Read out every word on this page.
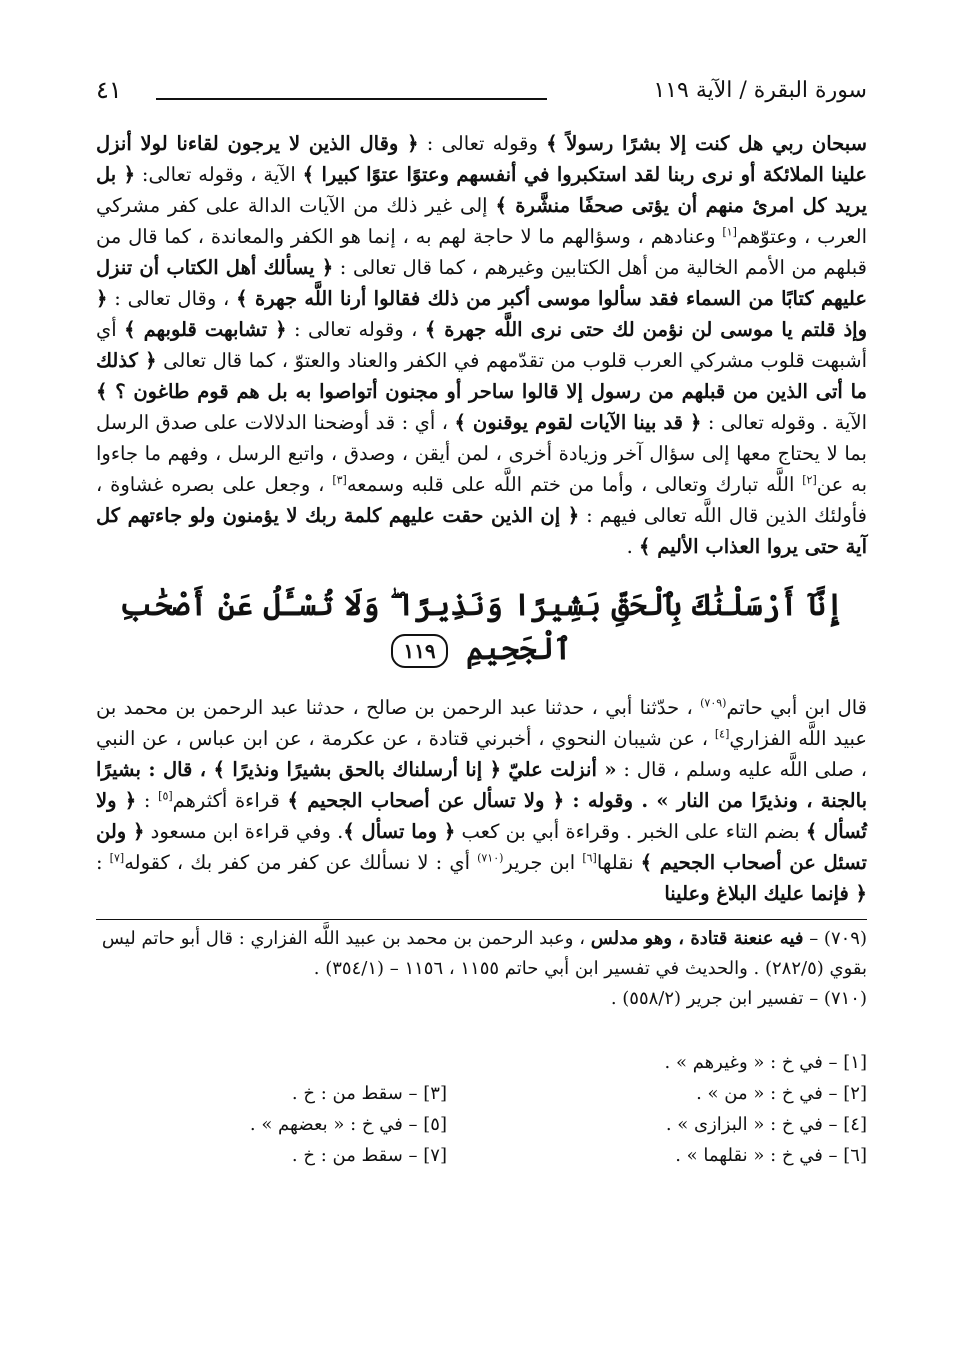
سورة البقرة / الآية ١١٩
٤١

سبحان ربي هل كنت إلا بشرًا رسولاً ﴾ وقوله تعالى : ﴿ وقال الذين لا يرجون لقاءنا لولا أنزل علينا الملائكة أو نرى ربنا لقد استكبروا في أنفسهم وعتوًا عتوًا كبيرا ﴾ الآية ، وقوله تعالى: ﴿ بل يريد كل امرئ منهم أن يؤتى صحفًا منشَّرة ﴾ إلى غير ذلك من الآيات الدالة على كفر مشركي العرب ، وعتوّهم[١] وعنادهم ، وسؤالهم ما لا حاجة لهم به ، إنما هو الكفر والمعاندة ، كما قال من قبلهم من الأمم الخالية من أهل الكتابين وغيرهم ، كما قال تعالى : ﴿ يسألك أهل الكتاب أن تنزل عليهم كتابًا من السماء فقد سألوا موسى أكبر من ذلك فقالوا أرنا اللَّه جهرة ﴾ ، وقال تعالى : ﴿ وإذ قلتم يا موسى لن نؤمن لك حتى نرى اللَّه جهرة ﴾ ، وقوله تعالى : ﴿ تشابهت قلوبهم ﴾ أي أشبهت قلوب مشركي العرب قلوب من تقدّمهم في الكفر والعناد والعتوّ ، كما قال تعالى ﴿ كذلك ما أتى الذين من قبلهم من رسول إلا قالوا ساحر أو مجنون أتواصوا به بل هم قوم طاغون ؟ ﴾ الآية . وقوله تعالى : ﴿ قد بينا الآيات لقوم يوقنون ﴾ ، أي : قد أوضحنا الدلالات على صدق الرسل بما لا يحتاج معها إلى سؤال آخر وزيادة أخرى ، لمن أيقن ، وصدق ، واتبع الرسل ، وفهم ما جاءوا به عن[٢] اللَّه تبارك وتعالى ، وأما من ختم اللَّه على قلبه وسمعه[٣] ، وجعل على بصره غشاوة ، فأولئك الذين قال اللَّه تعالى فيهم : ﴿ إن الذين حقت عليهم كلمة ربك لا يؤمنون ولو جاءتهم كل آية حتى يروا العذاب الأليم ﴾ .

إِنَّآ أَرْسَلْنَٰكَ بِٱلْحَقِّ بَشِيرًا وَنَذِيرًا ۖ وَلَا تُسْـَٔلُ عَنْ أَصْحَٰبِ ٱلْجَحِيمِ ١١٩

قال ابن أبي حاتم$^{(٧٠٩)}$ ، حدّثنا أبي ، حدثنا عبد الرحمن بن صالح ، حدثنا عبد الرحمن بن محمد بن عبيد اللَّه الفزاري[٤] ، عن شيبان النحوي ، أخبرني قتادة ، عن عكرمة ، عن ابن عباس ، عن النبي ، صلى اللَّه عليه وسلم ، قال : « أنزلت عليّ ﴿ إنا أرسلناك بالحق بشيرًا ونذيرًا ﴾ ، قال : بشيرًا بالجنة ، ونذيرًا من النار » . وقوله : ﴿ ولا تسأل عن أصحاب الجحيم ﴾ قراءة أكثرهم[٥] : ﴿ ولا تُسأل ﴾ بضم التاء على الخبر . وقراءة أبي بن كعب ﴿ وما تسأل ﴾. وفي قراءة ابن مسعود ﴿ ولن تسئل عن أصحاب الجحيم ﴾ نقلها[٦] ابن جرير$^{(٧١٠)}$ أي : لا نسألك عن كفر من كفر بك ، كقوله[٧] : ﴿ فإنما عليك البلاغ وعلينا

(٧٠٩) – فيه عنعنة قتادة ، وهو مدلس ، وعبد الرحمن بن محمد بن عبيد اللَّه الفزاري : قال أبو حاتم ليس بقوي (٢٨٢/٥) . والحديث في تفسير ابن أبي حاتم ١١٥٥ ، ١١٥٦ – (٣٥٤/١) .

(٧١٠) – تفسير ابن جرير (٥٥٨/٢) .

[١] – في خ : « وغيرهم » .
[٢] – في خ : « من » .
[٣] – سقط من : خ .
[٤] – في خ : « البزازى » .
[٥] – في خ : « بعضهم » .
[٦] – في خ : « نقلهما » .
[٧] – سقط من : خ .
